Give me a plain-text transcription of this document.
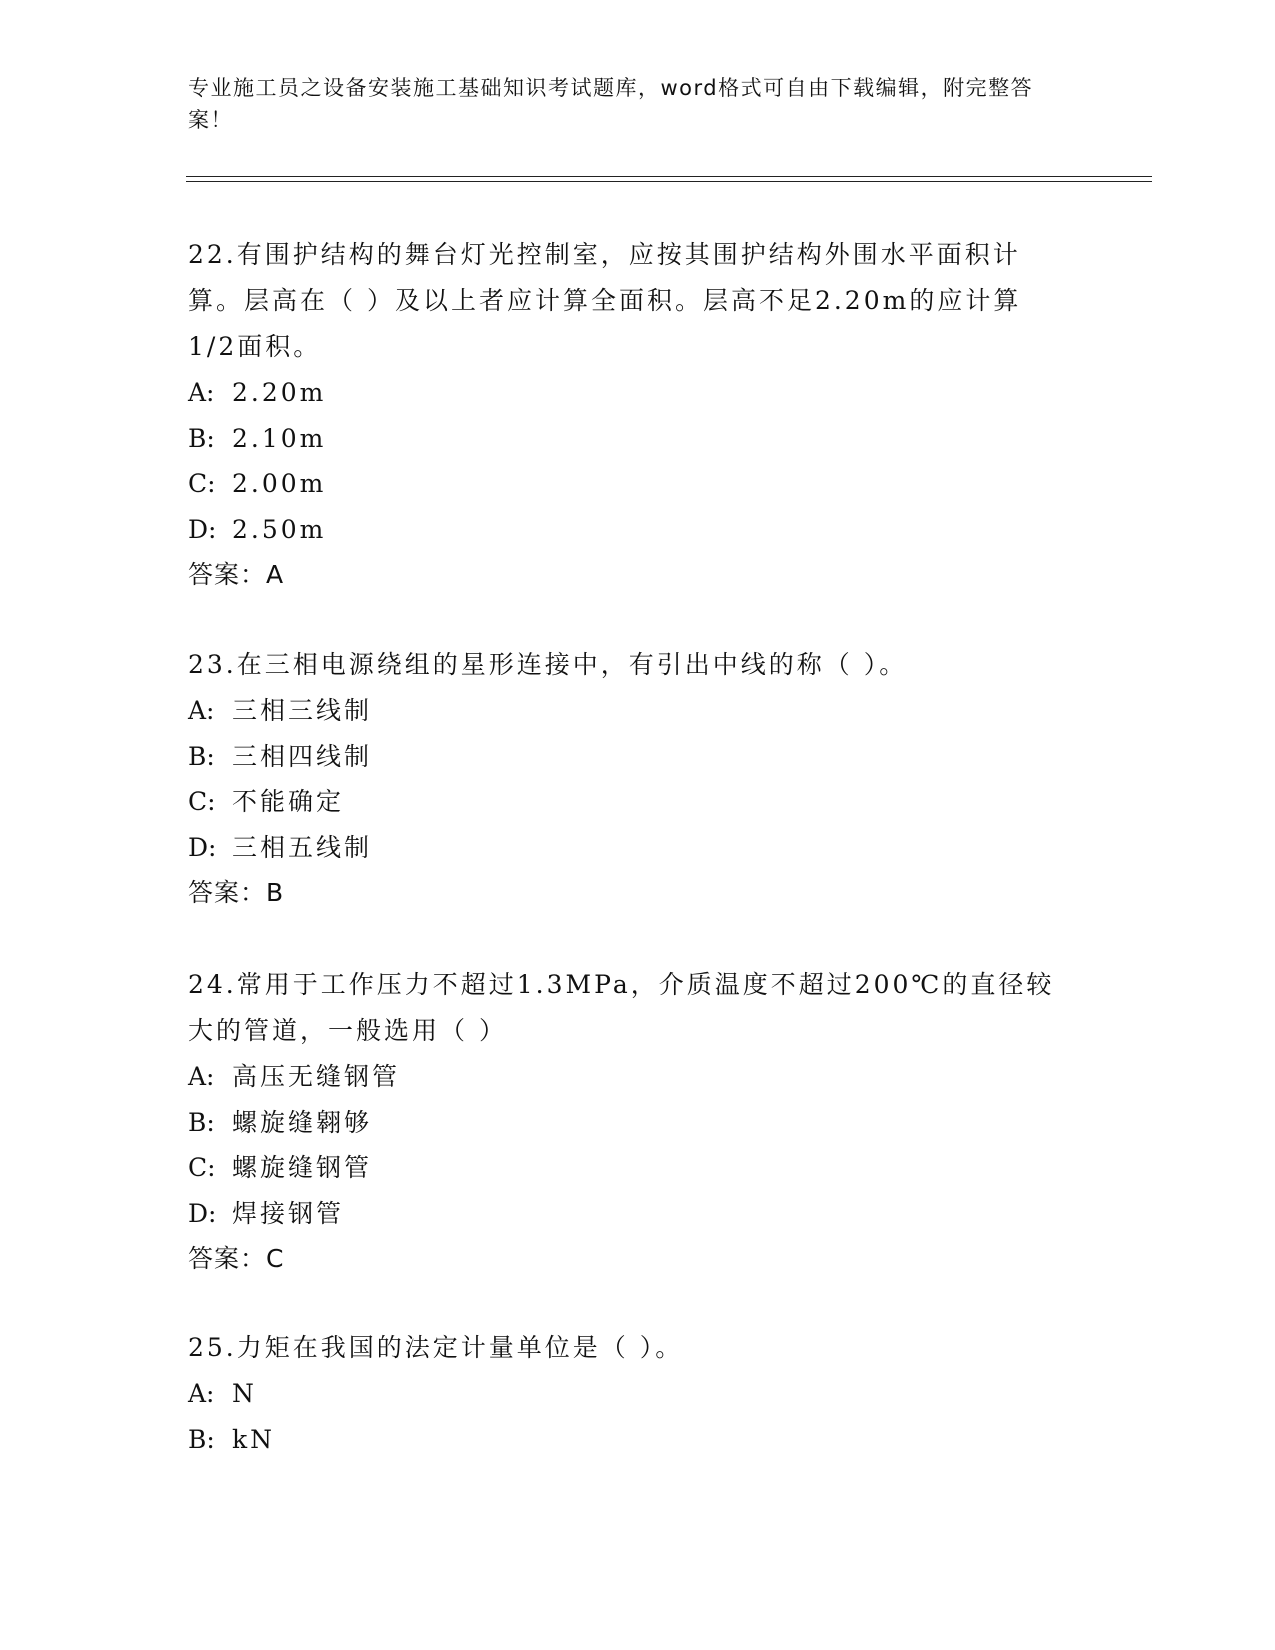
专业施工员之设备安装施工基础知识考试题库，word格式可自由下载编辑，附完整答案！

22.有围护结构的舞台灯光控制室，应按其围护结构外围水平面积计算。层高在（ ）及以上者应计算全面积。层高不足2.20m的应计算1/2面积。

A: 2.20m

B: 2.10m

C: 2.00m

D: 2.50m

答案：A

23.在三相电源绕组的星形连接中，有引出中线的称（ ）。

A: 三相三线制

B: 三相四线制

C: 不能确定

D: 三相五线制

答案：B

24.常用于工作压力不超过1.3MPa，介质温度不超过200℃的直径较大的管道，一般选用（ ）

A: 高压无缝钢管

B: 螺旋缝翱够

C: 螺旋缝钢管

D: 焊接钢管

答案：C

25.力矩在我国的法定计量单位是（ ）。

A: N

B: kN
